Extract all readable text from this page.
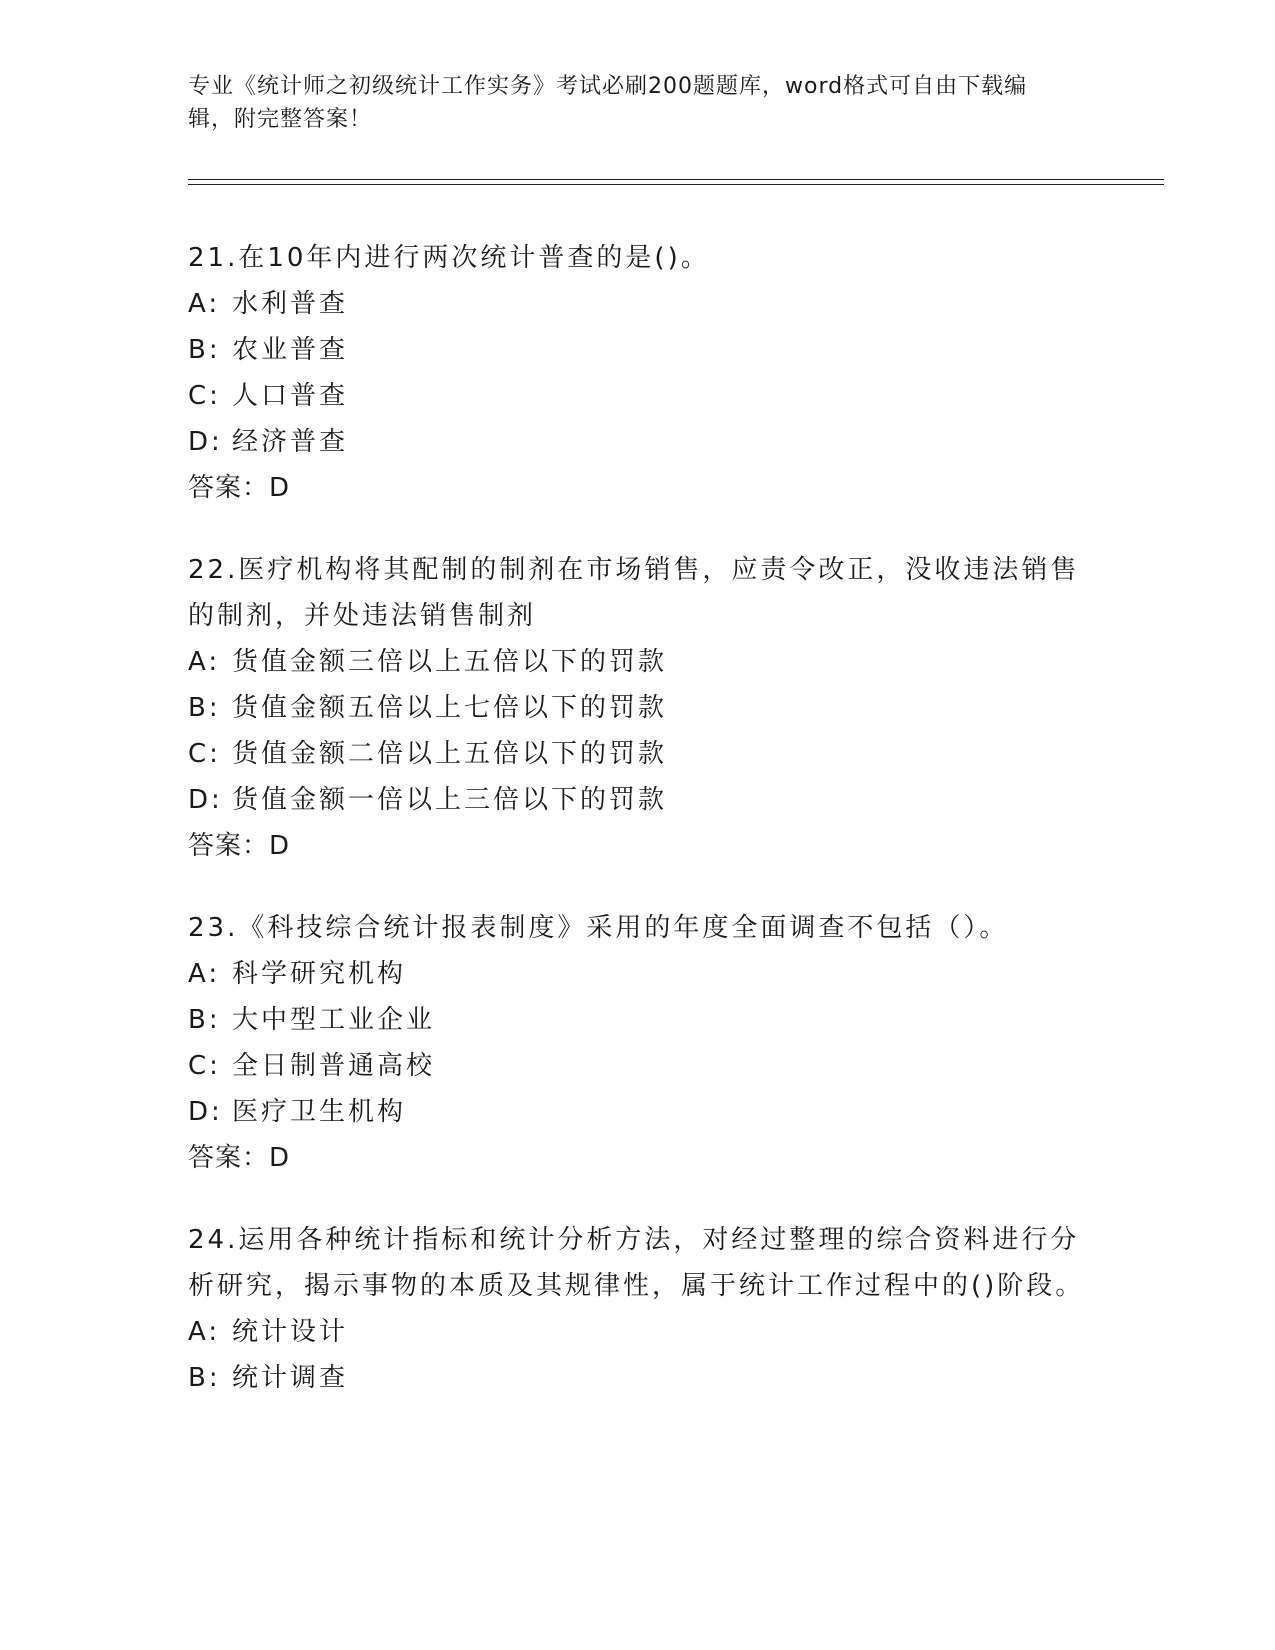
专业《统计师之初级统计工作实务》考试必刷200题题库，word格式可自由下载编辑，附完整答案！

21.在10年内进行两次统计普查的是()。

A: 水利普查

B: 农业普查

C: 人口普查

D: 经济普查

答案：D

22.医疗机构将其配制的制剂在市场销售，应责令改正，没收违法销售的制剂，并处违法销售制剂

A: 货值金额三倍以上五倍以下的罚款

B: 货值金额五倍以上七倍以下的罚款

C: 货值金额二倍以上五倍以下的罚款

D: 货值金额一倍以上三倍以下的罚款

答案：D

23.《科技综合统计报表制度》采用的年度全面调查不包括（）。

A: 科学研究机构

B: 大中型工业企业

C: 全日制普通高校

D: 医疗卫生机构

答案：D

24.运用各种统计指标和统计分析方法，对经过整理的综合资料进行分析研究，揭示事物的本质及其规律性，属于统计工作过程中的()阶段。

A: 统计设计

B: 统计调查
